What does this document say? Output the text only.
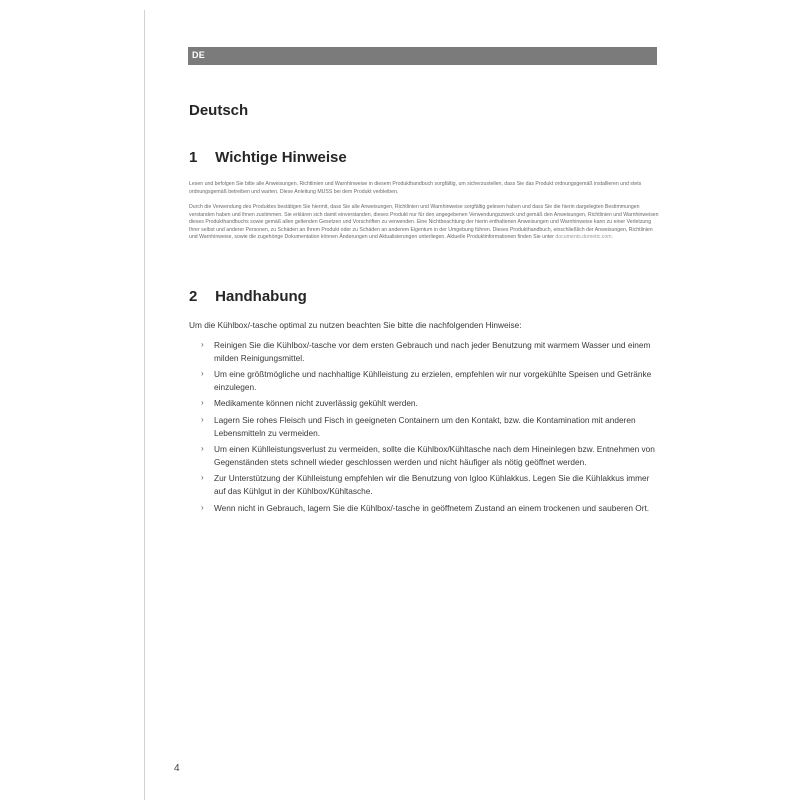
DE
Deutsch
1 Wichtige Hinweise

Lesen und befolgen Sie bitte alle Anweisungen, Richtlinien und Warnhinweise in diesem Produkthandbuch sorgfältig, um sicherzustellen, dass Sie das Produkt ordnungsgemäß installieren und stets ordnungsgemäß betreiben und warten. Diese Anleitung MUSS bei dem Produkt verbleiben.

Durch die Verwendung des Produktes bestätigen Sie hiermit, dass Sie alle Anweisungen, Richtlinien und Warnhinweise sorgfältig gelesen haben und dass Sie die hierin dargelegten Bestimmungen verstanden haben und ihnen zustimmen. Sie erklären sich damit einverstanden, dieses Produkt nur für den angegebenen Verwendungszweck und gemäß den Anweisungen, Richtlinien und Warnhinweisen dieses Produkthandbuchs sowie gemäß allen geltenden Gesetzen und Vorschriften zu verwenden. Eine Nichtbeachtung der hierin enthaltenen Anweisungen und Warnhinweise kann zu einer Verletzung Ihrer selbst und anderer Personen, zu Schäden an Ihrem Produkt oder zu Schäden an anderem Eigentum in der Umgebung führen. Dieses Produkthandbuch, einschließlich der Anweisungen, Richtlinien und Warnhinweise, sowie die zugehörige Dokumentation können Änderungen und Aktualisierungen unterliegen. Aktuelle Produktinformationen finden Sie unter documents.dometic.com.

2 Handhabung

Um die Kühlbox/-tasche optimal zu nutzen beachten Sie bitte die nachfolgenden Hinweise:

› Reinigen Sie die Kühlbox/-tasche vor dem ersten Gebrauch und nach jeder Benutzung mit warmem Wasser und einem milden Reinigungsmittel.
› Um eine größtmögliche und nachhaltige Kühlleistung zu erzielen, empfehlen wir nur vorgekühlte Speisen und Getränke einzulegen.
› Medikamente können nicht zuverlässig gekühlt werden.
› Lagern Sie rohes Fleisch und Fisch in geeigneten Containern um den Kontakt, bzw. die Kontamination mit anderen Lebensmitteln zu vermeiden.
› Um einen Kühlleistungsverlust zu vermeiden, sollte die Kühlbox/Kühltasche nach dem Hineinlegen bzw. Entnehmen von Gegenständen stets schnell wieder geschlossen werden und nicht häufiger als nötig geöffnet werden.
› Zur Unterstützung der Kühlleistung empfehlen wir die Benutzung von Igloo Kühlakkus. Legen Sie die Kühlakkus immer auf das Kühlgut in der Kühlbox/Kühltasche.
› Wenn nicht in Gebrauch, lagern Sie die Kühlbox/-tasche in geöffnetem Zustand an einem trockenen und sauberen Ort.
4
